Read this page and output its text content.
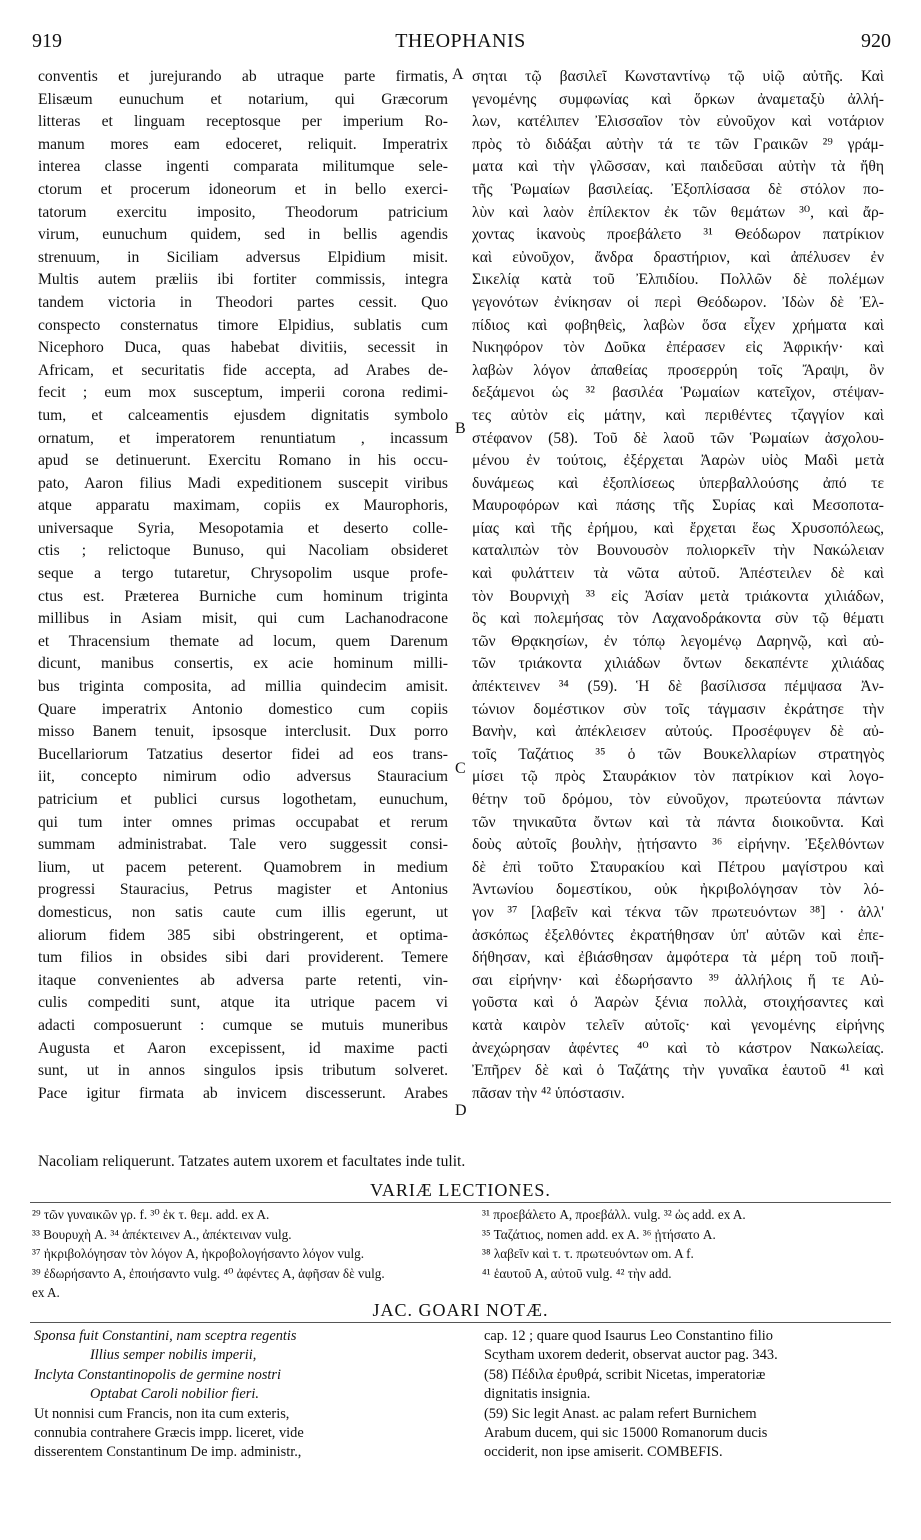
919	THEOPHANIS	920
conventis et jurejurando ab utraque parte firmatis,
Elisæum eunuchum et notarium, qui Græcorum
litteras et linguam receptosque per imperium Ro-
manum mores eam edoceret, reliquit. Imperatrix
interea classe ingenti comparata militumque sele-
ctorum et procerum idoneorum et in bello exerci-
tatorum exercitu imposito, Theodorum patricium
virum, eunuchum quidem, sed in bellis agendis
strenuum, in Siciliam adversus Elpidium misit.
Multis autem præliis ibi fortiter commissis, integra
tandem victoria in Theodori partes cessit. Quo
conspecto consternatus timore Elpidius, sublatis cum
Nicephoro Duca, quas habebat divitiis, secessit in
Africam, et securitatis fide accepta, ad Arabes de-
fecit ; eum mox susceptum, imperii corona redimi-
tum, et calceamentis ejusdem dignitatis symbolo
ornatum, et imperatorem renuntiatum , incassum
apud se detinuerunt. Exercitu Romano in his occu-
pato, Aaron filius Madi expeditionem suscepit viribus
atque apparatu maximam, copiis ex Maurophoris,
universaque Syria, Mesopotamia et deserto colle-
ctis ; relictoque Bunuso, qui Nacoliam obsideret
seque a tergo tutaretur, Chrysopolim usque profe-
ctus est. Præterea Burniche cum hominum triginta
millibus in Asiam misit, qui cum Lachanodracone
et Thracensium themate ad locum, quem Darenum
dicunt, manibus consertis, ex acie hominum milli-
bus triginta composita, ad millia quindecim amisit.
Quare imperatrix Antonio domestico cum copiis
misso Banem tenuit, ipsosque interclusit. Dux porro
Bucellariorum Tatzatius desertor fidei ad eos trans-
iit, concepto nimirum odio adversus Stauracium
patricium et publici cursus logothetam, eunuchum,
qui tum inter omnes primas occupabat et rerum
summam administrabat. Tale vero suggessit consi-
lium, ut pacem peterent. Quamobrem in medium
progressi Stauracius, Petrus magister et Antonius
domesticus, non satis caute cum illis egerunt, ut
aliorum fidem 385 sibi obstringerent, et optima-
tum filios in obsides sibi dari providerent. Temere
itaque convenientes ab adversa parte retenti, vin-
culis compediti sunt, atque ita utrique pacem vi
adacti composuerunt : cumque se mutuis muneribus
Augusta et Aaron excepissent, id maxime pacti
sunt, ut in annos singulos ipsis tributum solveret.
Pace igitur firmata ab invicem discesserunt. Arabes
σηται τῷ βασιλεῖ Κωνσταντίνῳ τῷ υἱῷ αὐτῆς. Καὶ
γενομένης συμφωνίας καὶ ὅρκων ἀναμεταξὺ ἀλλή-
λων, κατέλιπεν Ἐλισσαῖον τὸν εὐνοῦχον καὶ νοτάριον
πρὸς τὸ διδάξαι αὐτὴν τά τε τῶν Γραικῶν ²⁹ γράμ-
ματα καὶ τὴν γλῶσσαν, καὶ παιδεῦσαι αὐτὴν τὰ ἤθη
τῆς Ῥωμαίων βασιλείας. Ἐξοπλίσασα δὲ στόλον πο-
λὺν καὶ λαὸν ἐπίλεκτον ἐκ τῶν θεμάτων ³⁰, καὶ ἄρ-
χοντας ἱκανοὺς προεβάλετο ³¹ Θεόδωρον πατρίκιον
καὶ εὐνοῦχον, ἄνδρα δραστήριον, καὶ ἀπέλυσεν ἐν
Σικελίᾳ κατὰ τοῦ Ἐλπιδίου. Πολλῶν δὲ πολέμων
γεγονότων ἐνίκησαν οἱ περὶ Θεόδωρον. Ἰδὼν δὲ Ἐλ-
πίδιος καὶ φοβηθεὶς, λαβὼν ὅσα εἶχεν χρήματα καὶ
Νικηφόρον τὸν Δοῦκα ἐπέρασεν εἰς Ἀφρικήν· καὶ
λαβὼν λόγον ἀπαθείας προσερρύη τοῖς Ἄραψι, ὃν
δεξάμενοι ὡς ³² βασιλέα Ῥωμαίων κατεῖχον, στέψαν-
τες αὐτὸν εἰς μάτην, καὶ περιθέντες τζαγγίον καὶ
στέφανον (58). Τοῦ δὲ λαοῦ τῶν Ῥωμαίων ἀσχολου-
μένου ἐν τούτοις, ἐξέρχεται Ἀαρὼν υἱὸς Μαδὶ μετὰ
δυνάμεως καὶ ἐξοπλίσεως ὑπερβαλλούσης ἀπό τε
Μαυροφόρων καὶ πάσης τῆς Συρίας καὶ Μεσοποτα-
μίας καὶ τῆς ἐρήμου, καὶ ἔρχεται ἕως Χρυσοπόλεως,
καταλιπὼν τὸν Βουνουσὸν πολιορκεῖν τὴν Νακώλειαν
καὶ φυλάττειν τὰ νῶτα αὐτοῦ. Ἀπέστειλεν δὲ καὶ
τὸν Βουρνιχὴ ³³ εἰς Ἀσίαν μετὰ τριάκοντα χιλιάδων,
ὃς καὶ πολεμήσας τὸν Λαχανοδράκοντα σὺν τῷ θέματι
τῶν Θρᾳκησίων, ἐν τόπῳ λεγομένῳ Δαρηνῷ, καὶ αὐ-
τῶν τριάκοντα χιλιάδων ὄντων δεκαπέντε χιλιάδας
ἀπέκτεινεν ³⁴ (59). Ἡ δὲ βασίλισσα πέμψασα Ἀν-
τώνιον δομέστικον σὺν τοῖς τάγμασιν ἐκράτησε τὴν
Βανὴν, καὶ ἀπέκλεισεν αὐτούς. Προσέφυγεν δὲ αὐ-
τοῖς Ταζάτιος ³⁵ ὁ τῶν Βουκελλαρίων στρατηγὸς
μίσει τῷ πρὸς Σταυράκιον τὸν πατρίκιον καὶ λογο-
θέτην τοῦ δρόμου, τὸν εὐνοῦχον, πρωτεύοντα πάντων
τῶν τηνικαῦτα ὄντων καὶ τὰ πάντα διοικοῦντα. Καὶ
δοὺς αὐτοῖς βουλὴν, ᾐτήσαντο ³⁶ εἰρήνην. Ἐξελθόντων
δὲ ἐπὶ τοῦτο Σταυρακίου καὶ Πέτρου μαγίστρου καὶ
Ἀντωνίου δομεστίκου, οὐκ ἠκριβολόγησαν τὸν λό-
γον ³⁷ [λαβεῖν καὶ τέκνα τῶν πρωτευόντων ³⁸] · ἀλλ'
ἀσκόπως ἐξελθόντες ἐκρατήθησαν ὑπ' αὐτῶν καὶ ἐπε-
δήθησαν, καὶ ἐβιάσθησαν ἀμφότερα τὰ μέρη τοῦ ποιῆ-
σαι εἰρήνην· καὶ ἐδωρήσαντο ³⁹ ἀλλήλοις ἥ τε Αὐ-
γοῦστα καὶ ὁ Ἀαρὼν ξένια πολλὰ, στοιχήσαντες καὶ
κατὰ καιρὸν τελεῖν αὐτοῖς· καὶ γενομένης εἰρήνης
ἀνεχώρησαν ἀφέντες ⁴⁰ καὶ τὸ κάστρον Νακωλείας.
Ἐπῆρεν δὲ καὶ ὁ Ταζάτης τὴν γυναῖκα ἑαυτοῦ ⁴¹ καὶ
πᾶσαν τὴν ⁴² ὑπόστασιν.
A
B
C
D
Nacoliam reliquerunt. Tatzates autem uxorem et facultates inde tulit.
VARIÆ LECTIONES.
²⁹ τῶν γυναικῶν γρ. f. ³⁰ ἐκ τ. θεμ. add. ex A.
³³ Βουρυχὴ A. ³⁴ ἀπέκτεινεν A., ἀπέκτειναν vulg.
³⁷ ἠκριβολόγησαν τὸν λόγον A, ἠκροβολογήσαντο λόγον vulg.
³⁹ ἐδωρήσαντο A, ἐποιήσαντο vulg. ⁴⁰ ἀφέντες A, ἀφῆσαν δὲ vulg.
ex A.
³¹ προεβάλετο A, προεβάλλ. vulg. ³² ὡς add. ex A.
³⁵ Ταζάτιος, nomen add. ex A. ³⁶ ᾐτήσατο A.
³⁸ λαβεῖν καὶ τ. τ. πρωτευόντων om. A f.
⁴¹ ἑαυτοῦ A, αὐτοῦ vulg. ⁴² τὴν add.
JAC. GOARI NOTÆ.
Sponsa fuit Constantini, nam sceptra regentis
Illius semper nobilis imperii,
Inclyta Constantinopolis de germine nostri
Optabat Caroli nobilior fieri.
Ut nonnisi cum Francis, non ita cum exteris,
connubia contrahere Græcis impp. liceret, vide
disserentem Constantinum De imp. administr.,
cap. 12 ; quare quod Isaurus Leo Constantino filio
Scytham uxorem dederit, observat auctor pag. 343.
(58) Πέδιλα ἐρυθρά, scribit Nicetas, imperatoriæ
dignitatis insignia.
(59) Sic legit Anast. ac palam refert Burnichem
Arabum ducem, qui sic 15000 Romanorum ducis
occiderit, non ipse amiserit. COMBEFIS.
